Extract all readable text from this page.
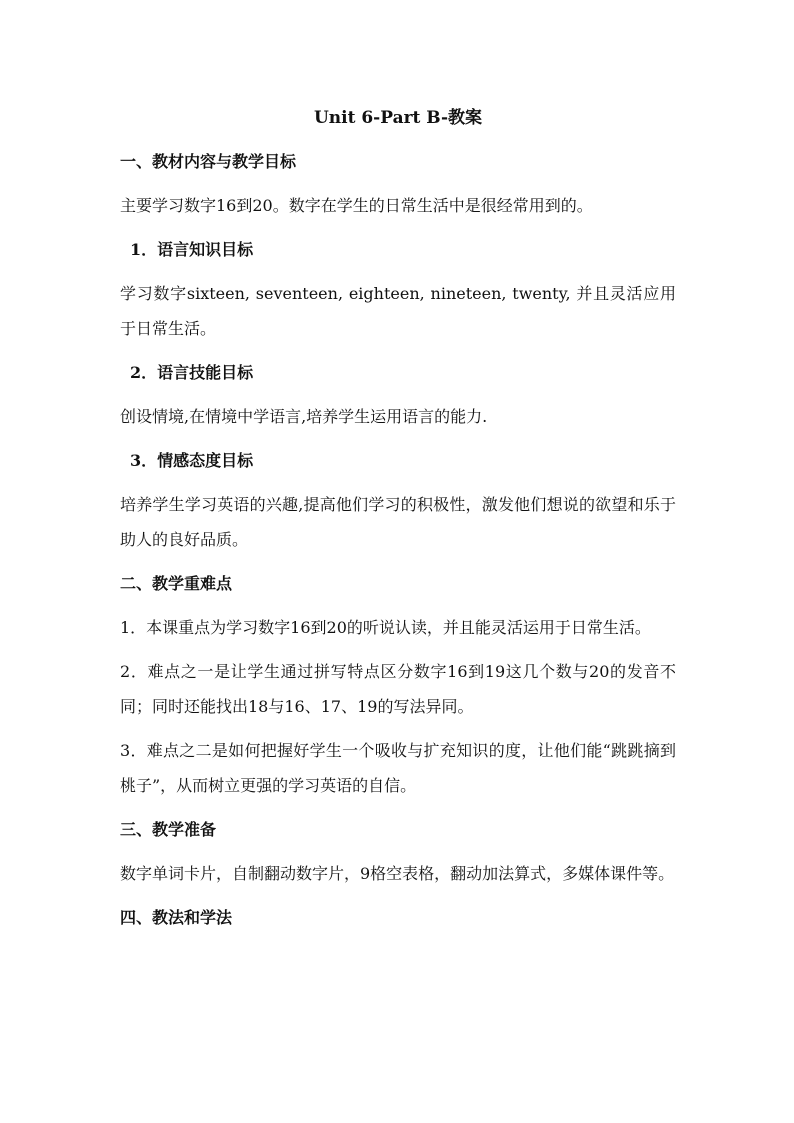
Unit 6-Part B-教案
一、教材内容与教学目标

主要学习数字16到20。数字在学生的日常生活中是很经常用到的。

1．语言知识目标

学习数字sixteen, seventeen, eighteen, nineteen, twenty, 并且灵活应用于日常生活。

2．语言技能目标

创设情境,在情境中学语言,培养学生运用语言的能力.

3．情感态度目标

培养学生学习英语的兴趣,提高他们学习的积极性，激发他们想说的欲望和乐于助人的良好品质。

二、教学重难点

1．本课重点为学习数字16到20的听说认读，并且能灵活运用于日常生活。

2．难点之一是让学生通过拼写特点区分数字16到19这几个数与20的发音不同；同时还能找出18与16、17、19的写法异同。

3．难点之二是如何把握好学生一个吸收与扩充知识的度，让他们能“跳跳摘到桃子”，从而树立更强的学习英语的自信。

三、教学准备

数字单词卡片，自制翻动数字片，9格空表格，翻动加法算式，多媒体课件等。

四、教法和学法
